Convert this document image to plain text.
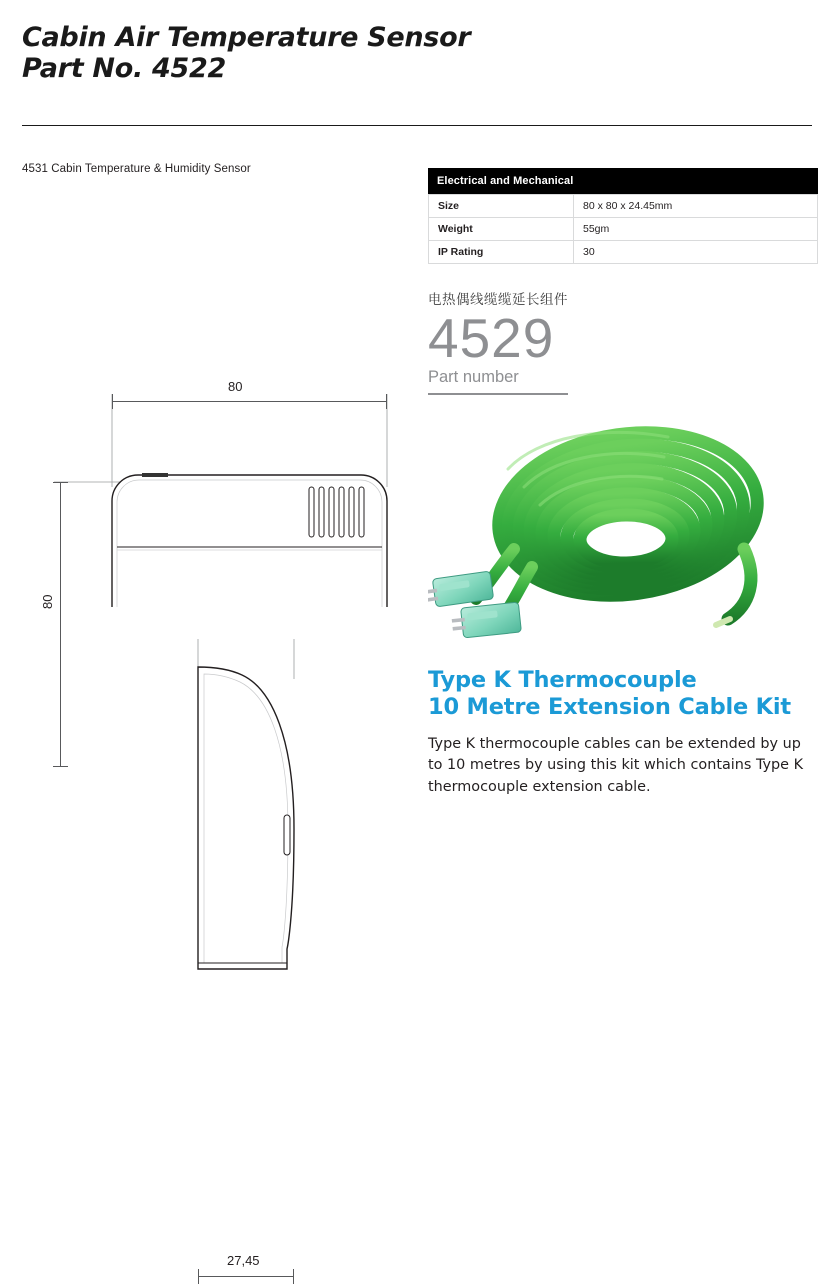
Cabin Air Temperature Sensor
Part No. 4522
4531 Cabin Temperature & Humidity Sensor
80
80
27,45
Electrical and Mechanical
Size	80 x 80 x 24.45mm
Weight	55gm
IP Rating	30
电热偶线缆缆延长组件
4529
Part number
Type K Thermocouple
10 Metre Extension Cable Kit
Type K thermocouple cables can be extended by up to 10 metres by using this kit which contains Type K thermocouple extension cable.
